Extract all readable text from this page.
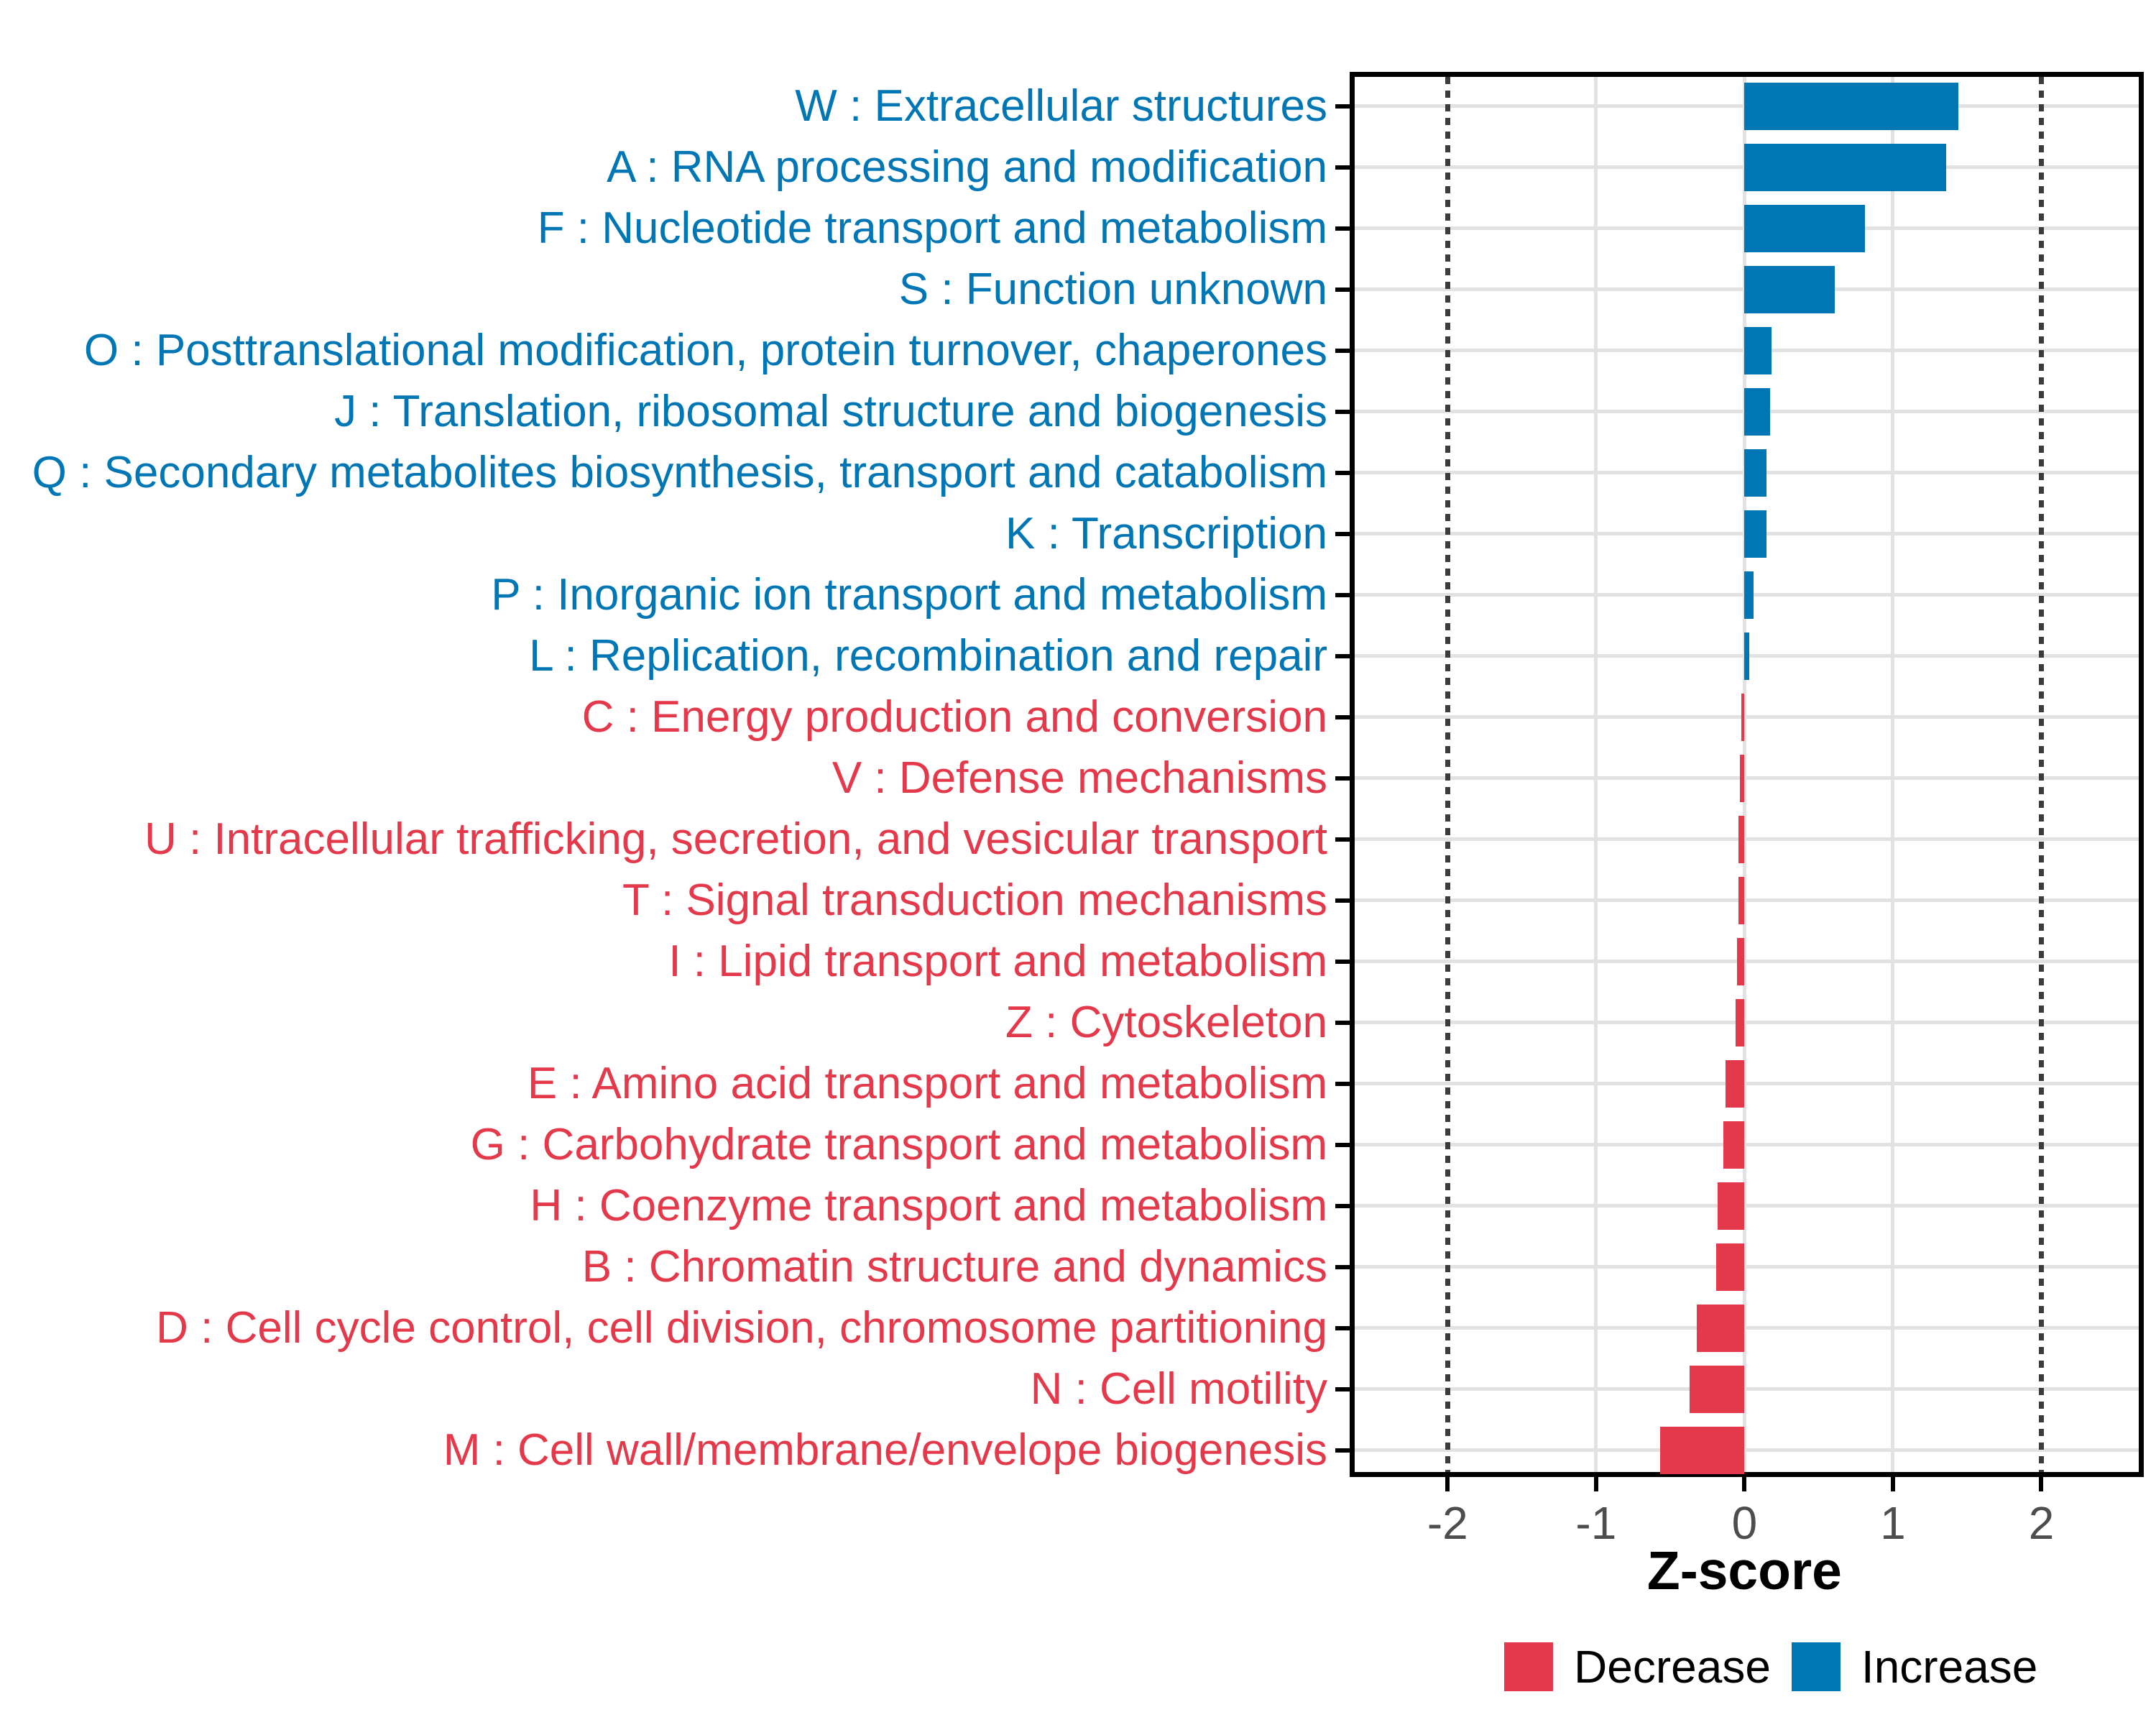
W : Extracellular structures
A : RNA processing and modification
F : Nucleotide transport and metabolism
S : Function unknown
O : Posttranslational modification, protein turnover, chaperones
J : Translation, ribosomal structure and biogenesis
Q : Secondary metabolites biosynthesis, transport and catabolism
K : Transcription
P : Inorganic ion transport and metabolism
L : Replication, recombination and repair
C : Energy production and conversion
V : Defense mechanisms
U : Intracellular trafficking, secretion, and vesicular transport
T : Signal transduction mechanisms
I : Lipid transport and metabolism
Z : Cytoskeleton
E : Amino acid transport and metabolism
G : Carbohydrate transport and metabolism
H : Coenzyme transport and metabolism
B : Chromatin structure and dynamics
D : Cell cycle control, cell division, chromosome partitioning
N : Cell motility
M : Cell wall/membrane/envelope biogenesis
-2	-1	0	1	2
Z-score
Decrease Increase
